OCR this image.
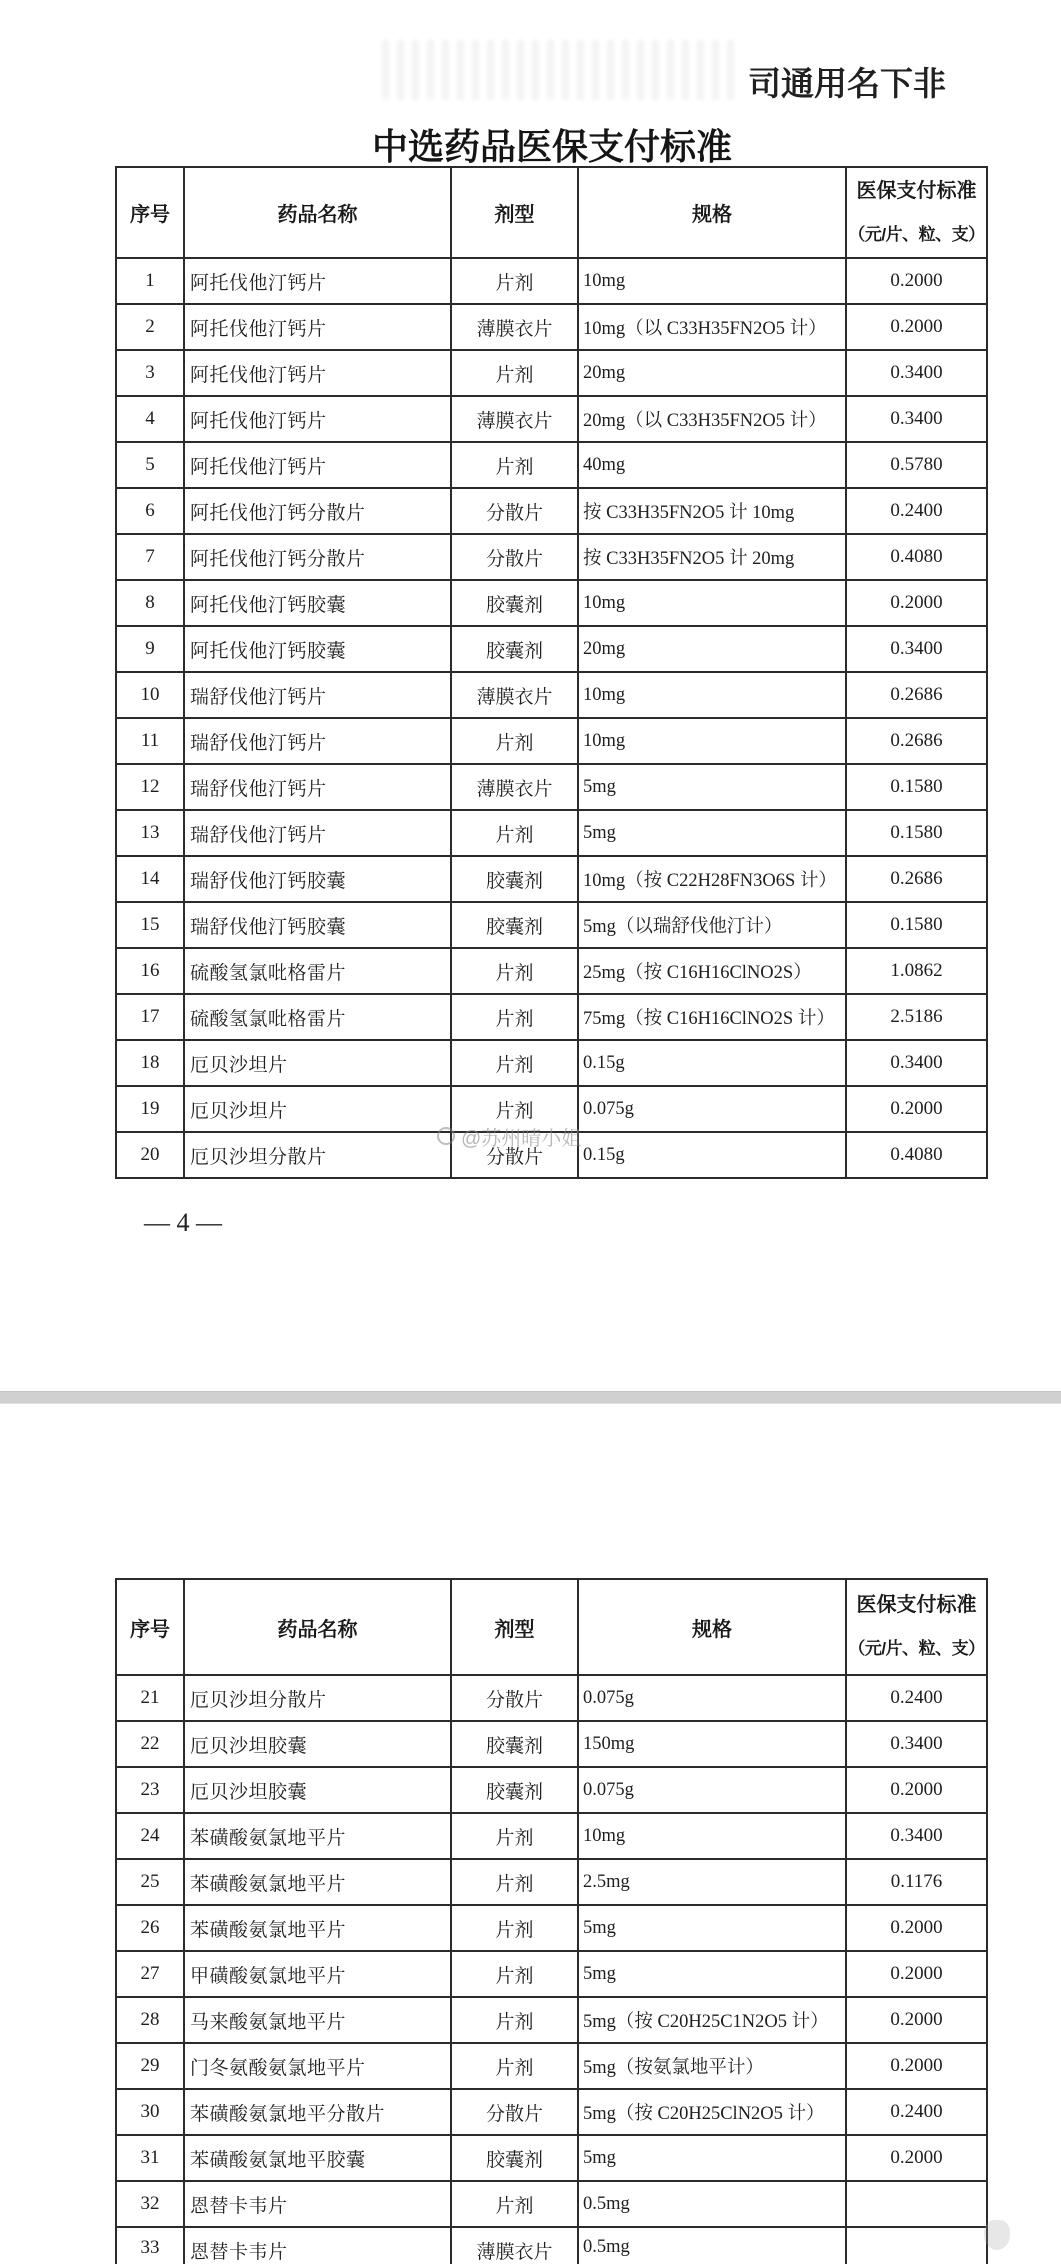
司通用名下非
中选药品医保支付标准
序号	药品名称	剂型	规格	医保支付标准
（元/片、粒、支）

1	阿托伐他汀钙片	片剂	10mg	0.2000
2	阿托伐他汀钙片	薄膜衣片	10mg（以 C33H35FN2O5 计）	0.2000
3	阿托伐他汀钙片	片剂	20mg	0.3400
4	阿托伐他汀钙片	薄膜衣片	20mg（以 C33H35FN2O5 计）	0.3400
5	阿托伐他汀钙片	片剂	40mg	0.5780
6	阿托伐他汀钙分散片	分散片	按 C33H35FN2O5 计 10mg	0.2400
7	阿托伐他汀钙分散片	分散片	按 C33H35FN2O5 计 20mg	0.4080
8	阿托伐他汀钙胶囊	胶囊剂	10mg	0.2000
9	阿托伐他汀钙胶囊	胶囊剂	20mg	0.3400
10	瑞舒伐他汀钙片	薄膜衣片	10mg	0.2686
11	瑞舒伐他汀钙片	片剂	10mg	0.2686
12	瑞舒伐他汀钙片	薄膜衣片	5mg	0.1580
13	瑞舒伐他汀钙片	片剂	5mg	0.1580
14	瑞舒伐他汀钙胶囊	胶囊剂	10mg（按 C22H28FN3O6S 计）	0.2686
15	瑞舒伐他汀钙胶囊	胶囊剂	5mg（以瑞舒伐他汀计）	0.1580
16	硫酸氢氯吡格雷片	片剂	25mg（按 C16H16ClNO2S）	1.0862
17	硫酸氢氯吡格雷片	片剂	75mg（按 C16H16ClNO2S 计）	2.5186
18	厄贝沙坦片	片剂	0.15g	0.3400
19	厄贝沙坦片	片剂	0.075g	0.2000
20	厄贝沙坦分散片	分散片	0.15g	0.4080
@苏州晴小姐
— 4 —
序号	药品名称	剂型	规格	医保支付标准
（元/片、粒、支）

21	厄贝沙坦分散片	分散片	0.075g	0.2400
22	厄贝沙坦胶囊	胶囊剂	150mg	0.3400
23	厄贝沙坦胶囊	胶囊剂	0.075g	0.2000
24	苯磺酸氨氯地平片	片剂	10mg	0.3400
25	苯磺酸氨氯地平片	片剂	2.5mg	0.1176
26	苯磺酸氨氯地平片	片剂	5mg	0.2000
27	甲磺酸氨氯地平片	片剂	5mg	0.2000
28	马来酸氨氯地平片	片剂	5mg（按 C20H25C1N2O5 计）	0.2000
29	门冬氨酸氨氯地平片	片剂	5mg（按氨氯地平计）	0.2000
30	苯磺酸氨氯地平分散片	分散片	5mg（按 C20H25ClN2O5 计）	0.2400
31	苯磺酸氨氯地平胶囊	胶囊剂	5mg	0.2000
32	恩替卡韦片	片剂	0.5mg	
33	恩替卡韦片	薄膜衣片	0.5mg	
